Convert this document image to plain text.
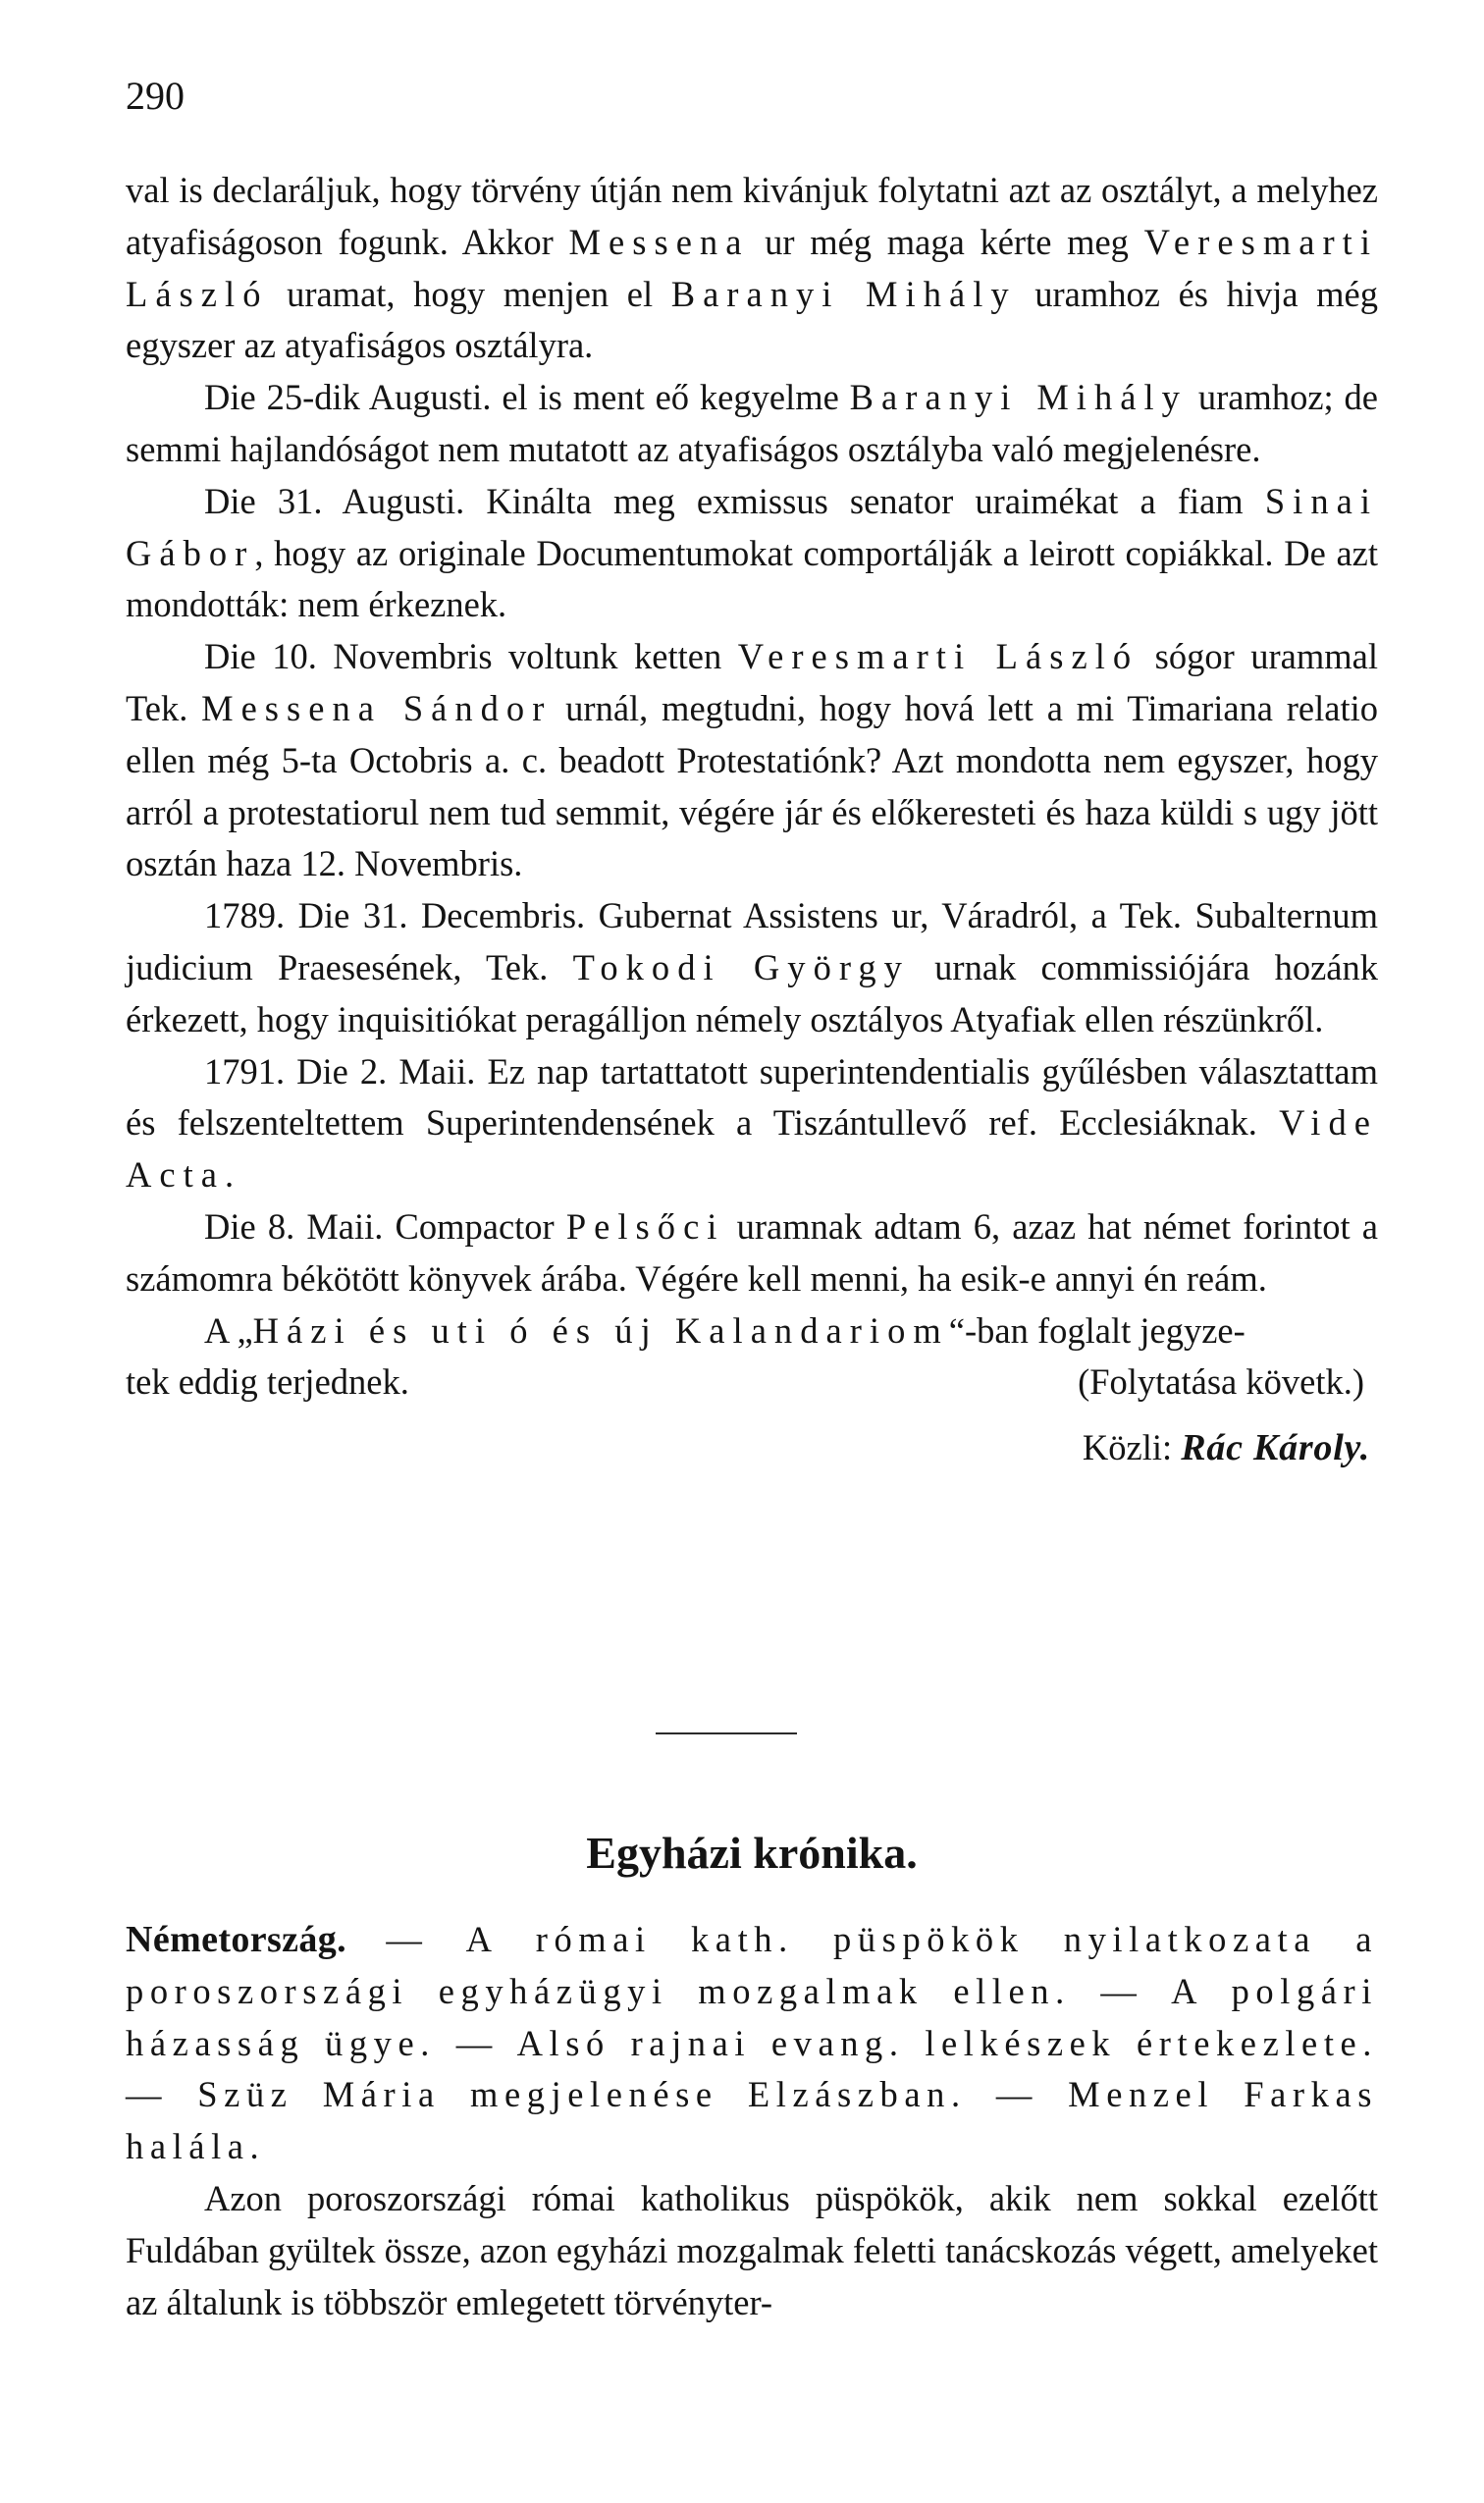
290

val is declaráljuk, hogy törvény útján nem kivánjuk folytatni azt az osztályt, a melyhez atyafiságoson fogunk. Akkor Messena ur még maga kérte meg Veresmarti László uramat, hogy menjen el Baranyi Mihály uramhoz és hivja még egyszer az atyafiságos osztályra.

Die 25-dik Augusti. el is ment eő kegyelme Baranyi Mihály uramhoz; de semmi hajlandóságot nem mutatott az atyafiságos osztályba való megjelenésre.

Die 31. Augusti. Kinálta meg exmissus senator uraimékat a fiam Sinai Gábor, hogy az originale Documentumokat comportálják a leirott copiákkal. De azt mondották: nem érkeznek.

Die 10. Novembris voltunk ketten Veresmarti László sógor urammal Tek. Messena Sándor urnál, megtudni, hogy hová lett a mi Timariana relatio ellen még 5-ta Octobris a. c. beadott Protestatiónk? Azt mondotta nem egyszer, hogy arról a protestatiorul nem tud semmit, végére jár és előkeresteti és haza küldi s ugy jött osztán haza 12. Novembris.

1789. Die 31. Decembris. Gubernat Assistens ur, Váradról, a Tek. Subalternum judicium Praesesének, Tek. Tokodi György urnak commissiójára hozánk érkezett, hogy inquisitiókat peragálljon némely osztályos Atyafiak ellen részünkről.

1791. Die 2. Maii. Ez nap tartattatott superintendentialis gyűlésben választattam és felszenteltettem Superintendensének a Tiszántullevő ref. Ecclesiáknak. Vide Acta.

Die 8. Maii. Compactor Pelsőci uramnak adtam 6, azaz hat német forintot a számomra békötött könyvek árába. Végére kell menni, ha esik-e annyi én reám.

A „Házi és uti ó és új Kalandariom“-ban foglalt jegyze-
tek eddig terjednek.	(Folytatása követk.)

Közli: Rác Károly.
Egyházi krónika.

Németország. — A római kath. püspökök nyilatkozata a poroszországi egyházügyi mozgalmak ellen. — A polgári házasság ügye. — Alsó rajnai evang. lelkészek értekezlete. — Szüz Mária megjelenése Elzászban. — Menzel Farkas halála.

Azon poroszországi római katholikus püspökök, akik nem sokkal ezelőtt Fuldában gyültek össze, azon egyházi mozgalmak feletti tanácskozás végett, amelyeket az általunk is többször emlegetett törvényter-
